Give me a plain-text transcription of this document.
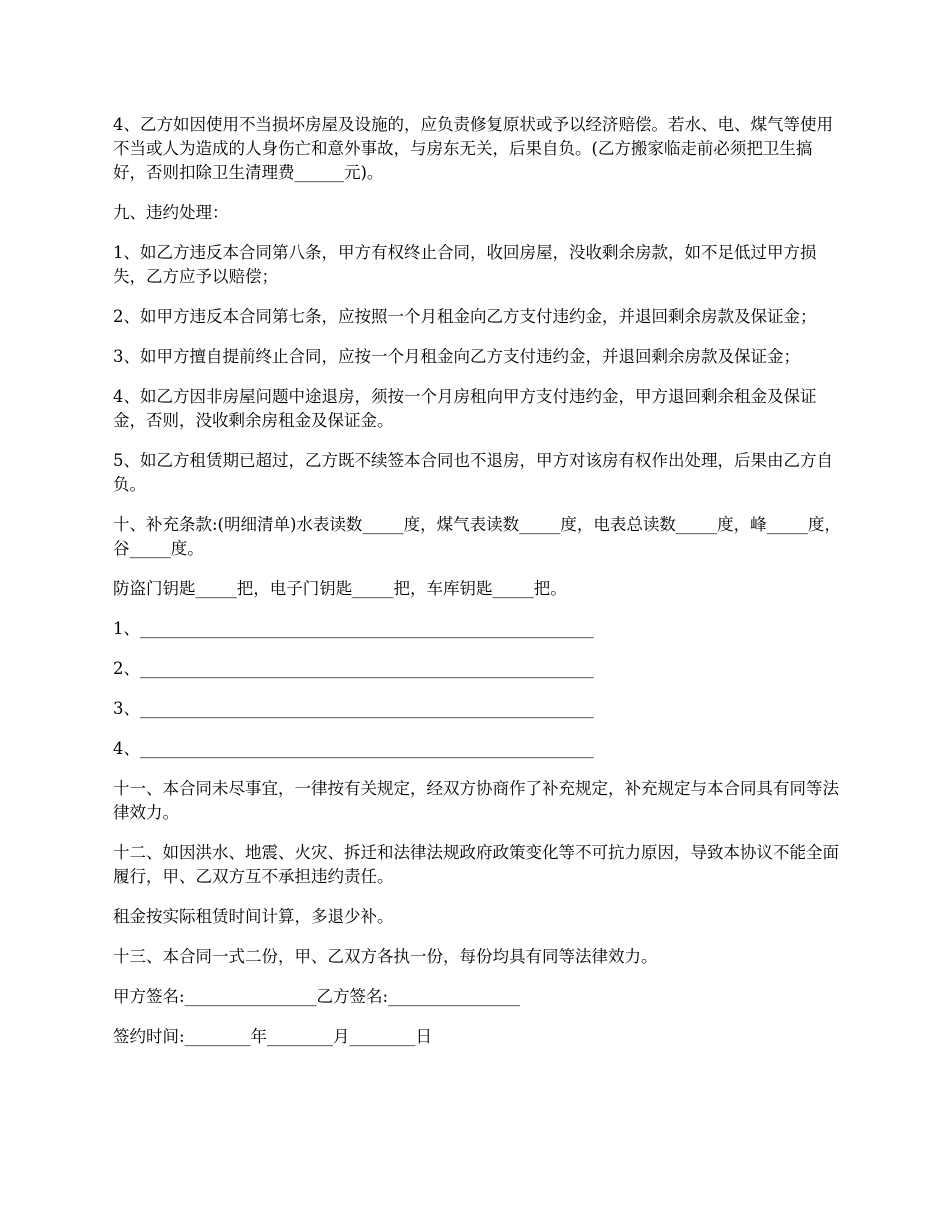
4、乙方如因使用不当损坏房屋及设施的，应负责修复原状或予以经济赔偿。若水、电、煤气等使用不当或人为造成的人身伤亡和意外事故，与房东无关，后果自负。(乙方搬家临走前必须把卫生搞好，否则扣除卫生清理费______元)。

九、违约处理：

1、如乙方违反本合同第八条，甲方有权终止合同，收回房屋，没收剩余房款，如不足低过甲方损失，乙方应予以赔偿；

2、如甲方违反本合同第七条，应按照一个月租金向乙方支付违约金，并退回剩余房款及保证金；

3、如甲方擅自提前终止合同，应按一个月租金向乙方支付违约金，并退回剩余房款及保证金；

4、如乙方因非房屋问题中途退房，须按一个月房租向甲方支付违约金，甲方退回剩余租金及保证金，否则，没收剩余房租金及保证金。

5、如乙方租赁期已超过，乙方既不续签本合同也不退房，甲方对该房有权作出处理，后果由乙方自负。

十、补充条款:(明细清单)水表读数_____度，煤气表读数_____度，电表总读数_____度，峰_____度，谷_____度。

防盗门钥匙_____把，电子门钥匙_____把，车库钥匙_____把。

1、_______________________________________________________

2、_______________________________________________________

3、_______________________________________________________

4、_______________________________________________________

十一、本合同未尽事宜，一律按有关规定，经双方协商作了补充规定，补充规定与本合同具有同等法律效力。

十二、如因洪水、地震、火灾、拆迁和法律法规政府政策变化等不可抗力原因，导致本协议不能全面履行，甲、乙双方互不承担违约责任。

租金按实际租赁时间计算，多退少补。

十三、本合同一式二份，甲、乙双方各执一份，每份均具有同等法律效力。

甲方签名:________________乙方签名:________________

签约时间:________年________月________日
